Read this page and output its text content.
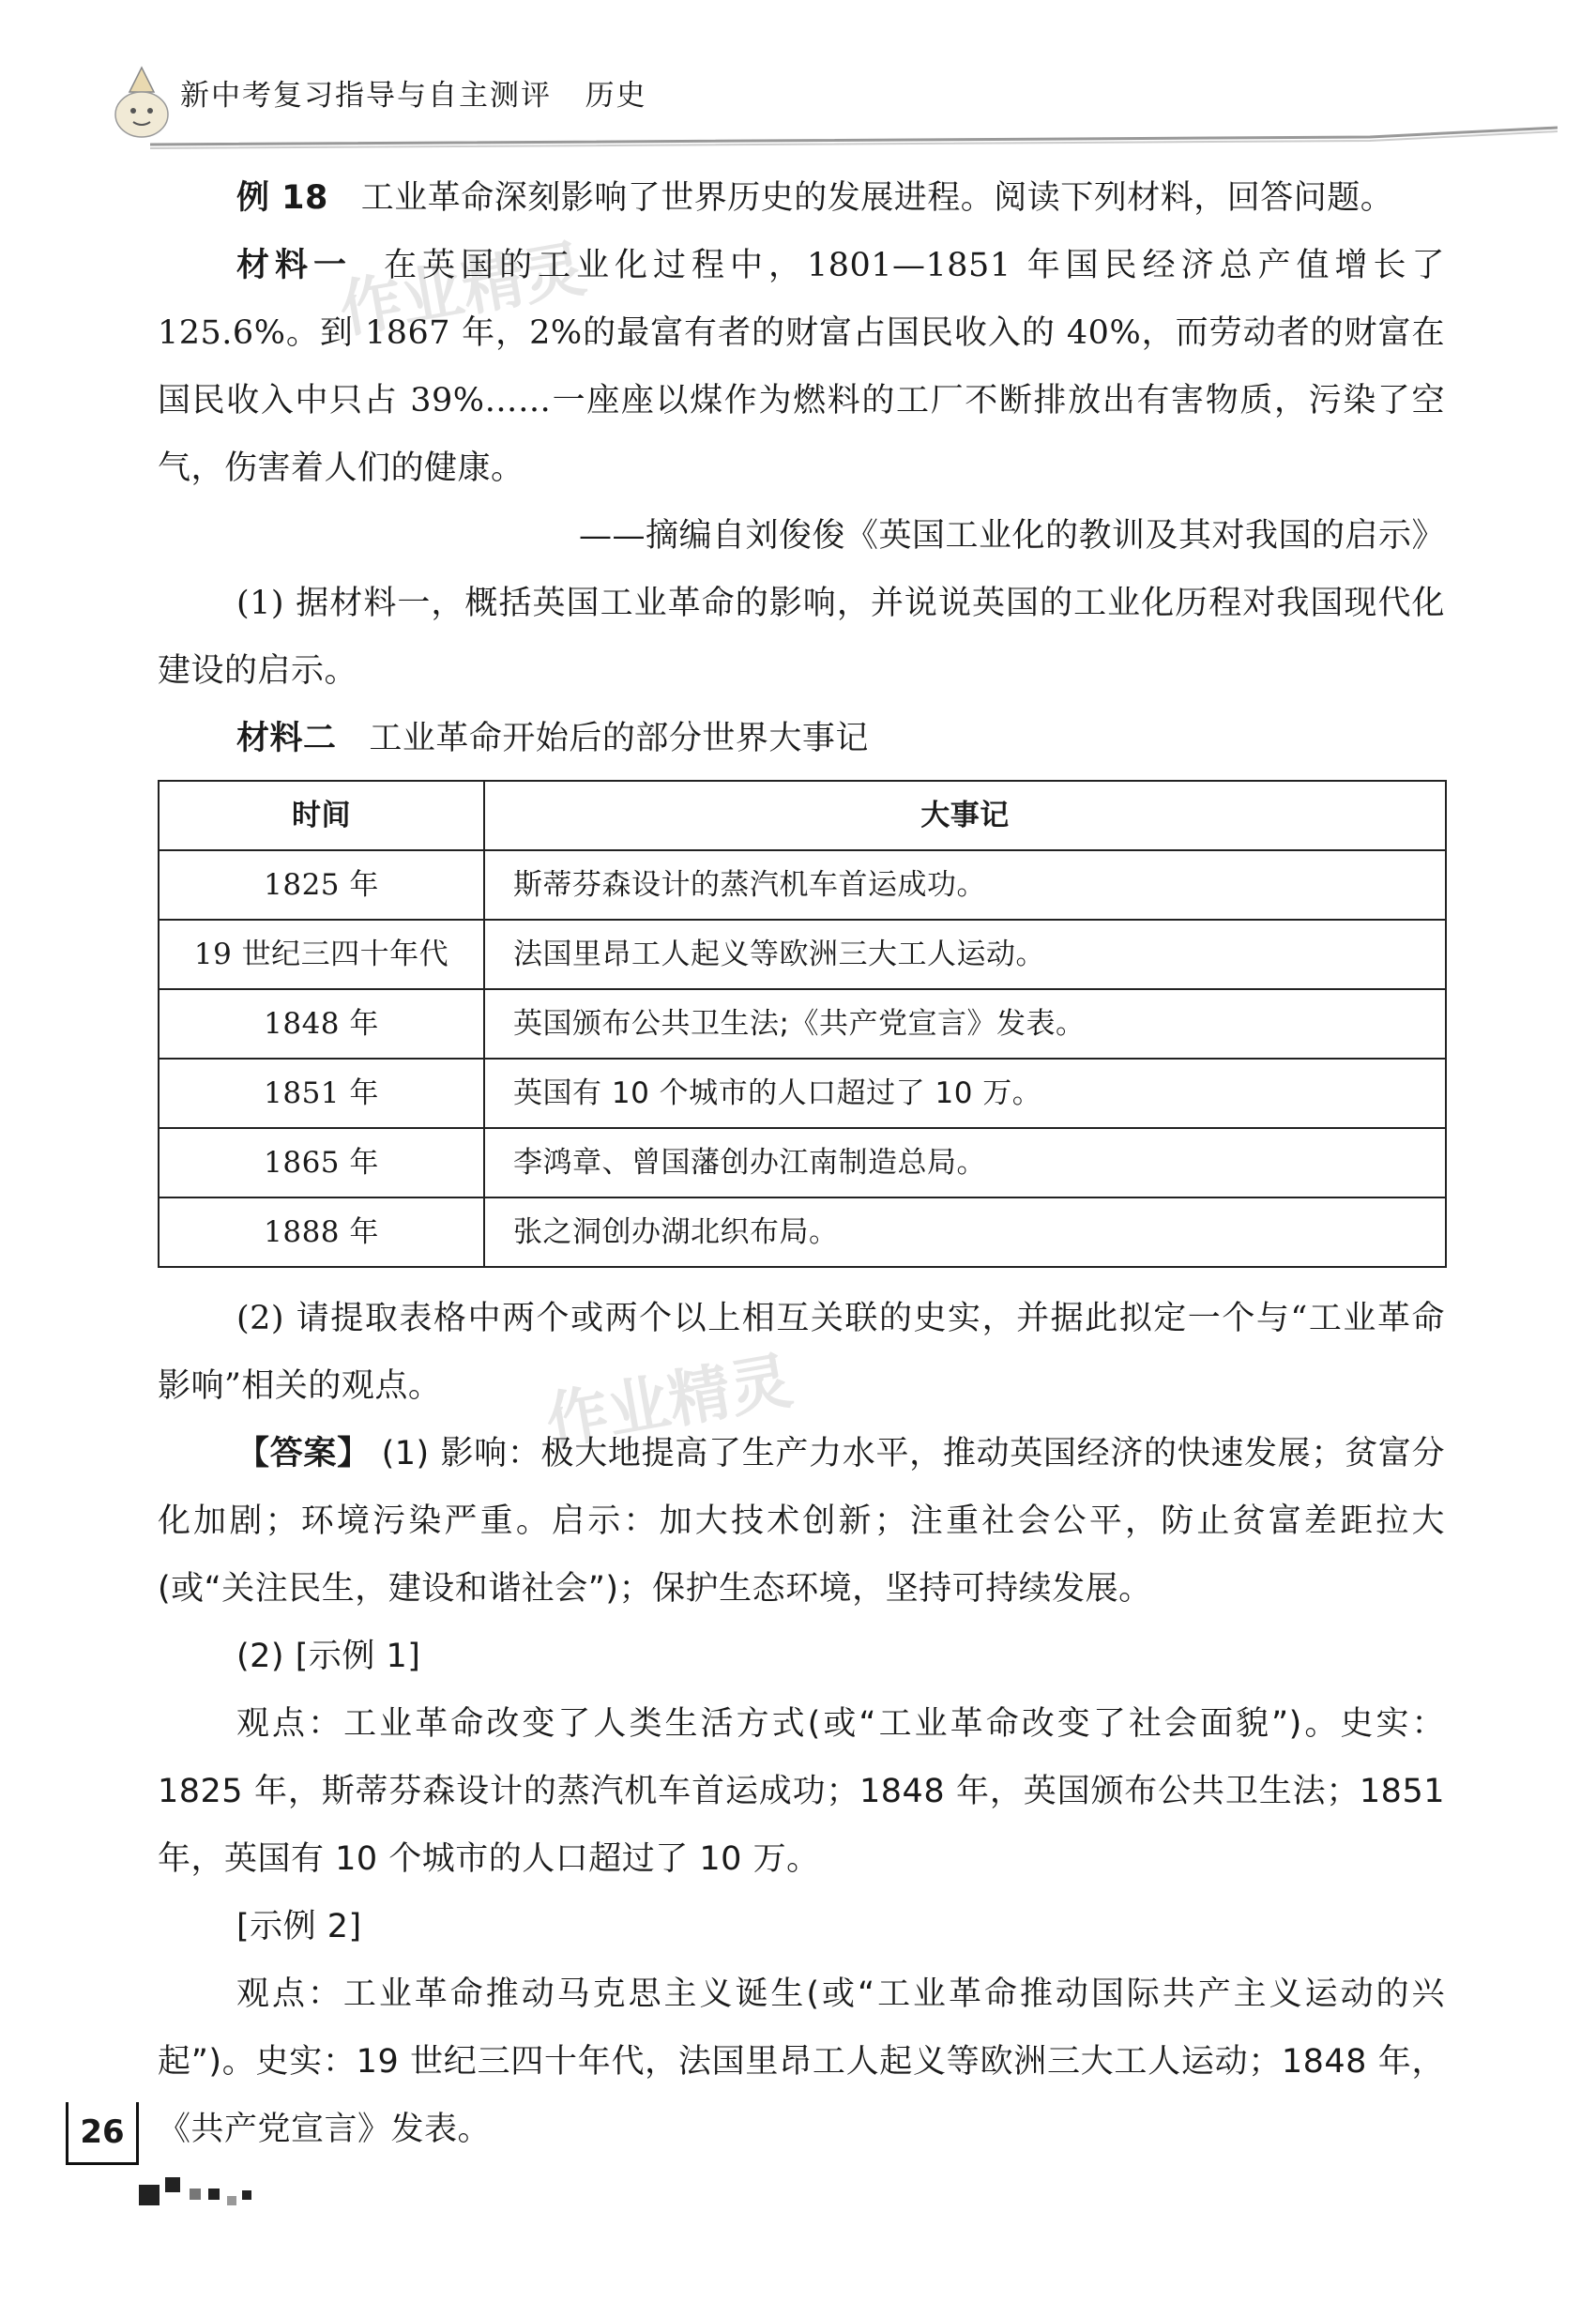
新中考复习指导与自主测评 历史
作业精灵
作业精灵

例 18 工业革命深刻影响了世界历史的发展进程。阅读下列材料，回答问题。

材料一 在英国的工业化过程中，1801—1851 年国民经济总产值增长了 125.6%。到 1867 年，2%的最富有者的财富占国民收入的 40%，而劳动者的财富在国民收入中只占 39%……一座座以煤作为燃料的工厂不断排放出有害物质，污染了空气，伤害着人们的健康。

——摘编自刘俊俊《英国工业化的教训及其对我国的启示》

(1) 据材料一，概括英国工业革命的影响，并说说英国的工业化历程对我国现代化建设的启示。

材料二 工业革命开始后的部分世界大事记

时间	大事记
1825 年	斯蒂芬森设计的蒸汽机车首运成功。
19 世纪三四十年代	法国里昂工人起义等欧洲三大工人运动。
1848 年	英国颁布公共卫生法;《共产党宣言》发表。
1851 年	英国有 10 个城市的人口超过了 10 万。
1865 年	李鸿章、曾国藩创办江南制造总局。
1888 年	张之洞创办湖北织布局。

(2) 请提取表格中两个或两个以上相互关联的史实，并据此拟定一个与“工业革命影响”相关的观点。

【答案】 (1) 影响：极大地提高了生产力水平，推动英国经济的快速发展；贫富分化加剧；环境污染严重。启示：加大技术创新；注重社会公平，防止贫富差距拉大(或“关注民生，建设和谐社会”)；保护生态环境，坚持可持续发展。

(2) [示例 1]

观点：工业革命改变了人类生活方式(或“工业革命改变了社会面貌”)。史实：1825 年，斯蒂芬森设计的蒸汽机车首运成功；1848 年，英国颁布公共卫生法；1851 年，英国有 10 个城市的人口超过了 10 万。

[示例 2]

观点：工业革命推动马克思主义诞生(或“工业革命推动国际共产主义运动的兴起”)。史实：19 世纪三四十年代，法国里昂工人起义等欧洲三大工人运动；1848 年，《共产党宣言》发表。

26
